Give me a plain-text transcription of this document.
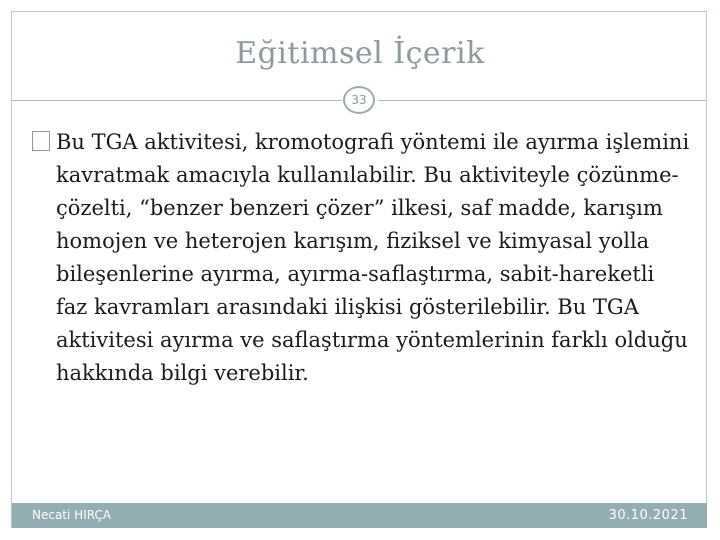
Eğitimsel İçerik
33
Bu TGA aktivitesi, kromotografi yöntemi ile ayırma işlemini kavratmak amacıyla kullanılabilir. Bu aktiviteyle çözünme-çözelti, “benzer benzeri çözer” ilkesi, saf madde, karışım homojen ve heterojen karışım, fiziksel ve kimyasal yolla bileşenlerine ayırma, ayırma-saflaştırma, sabit-hareketli faz kavramları arasındaki ilişkisi gösterilebilir. Bu TGA aktivitesi ayırma ve saflaştırma yöntemlerinin farklı olduğu hakkında bilgi verebilir.
Necati HIRÇA	30.10.2021
